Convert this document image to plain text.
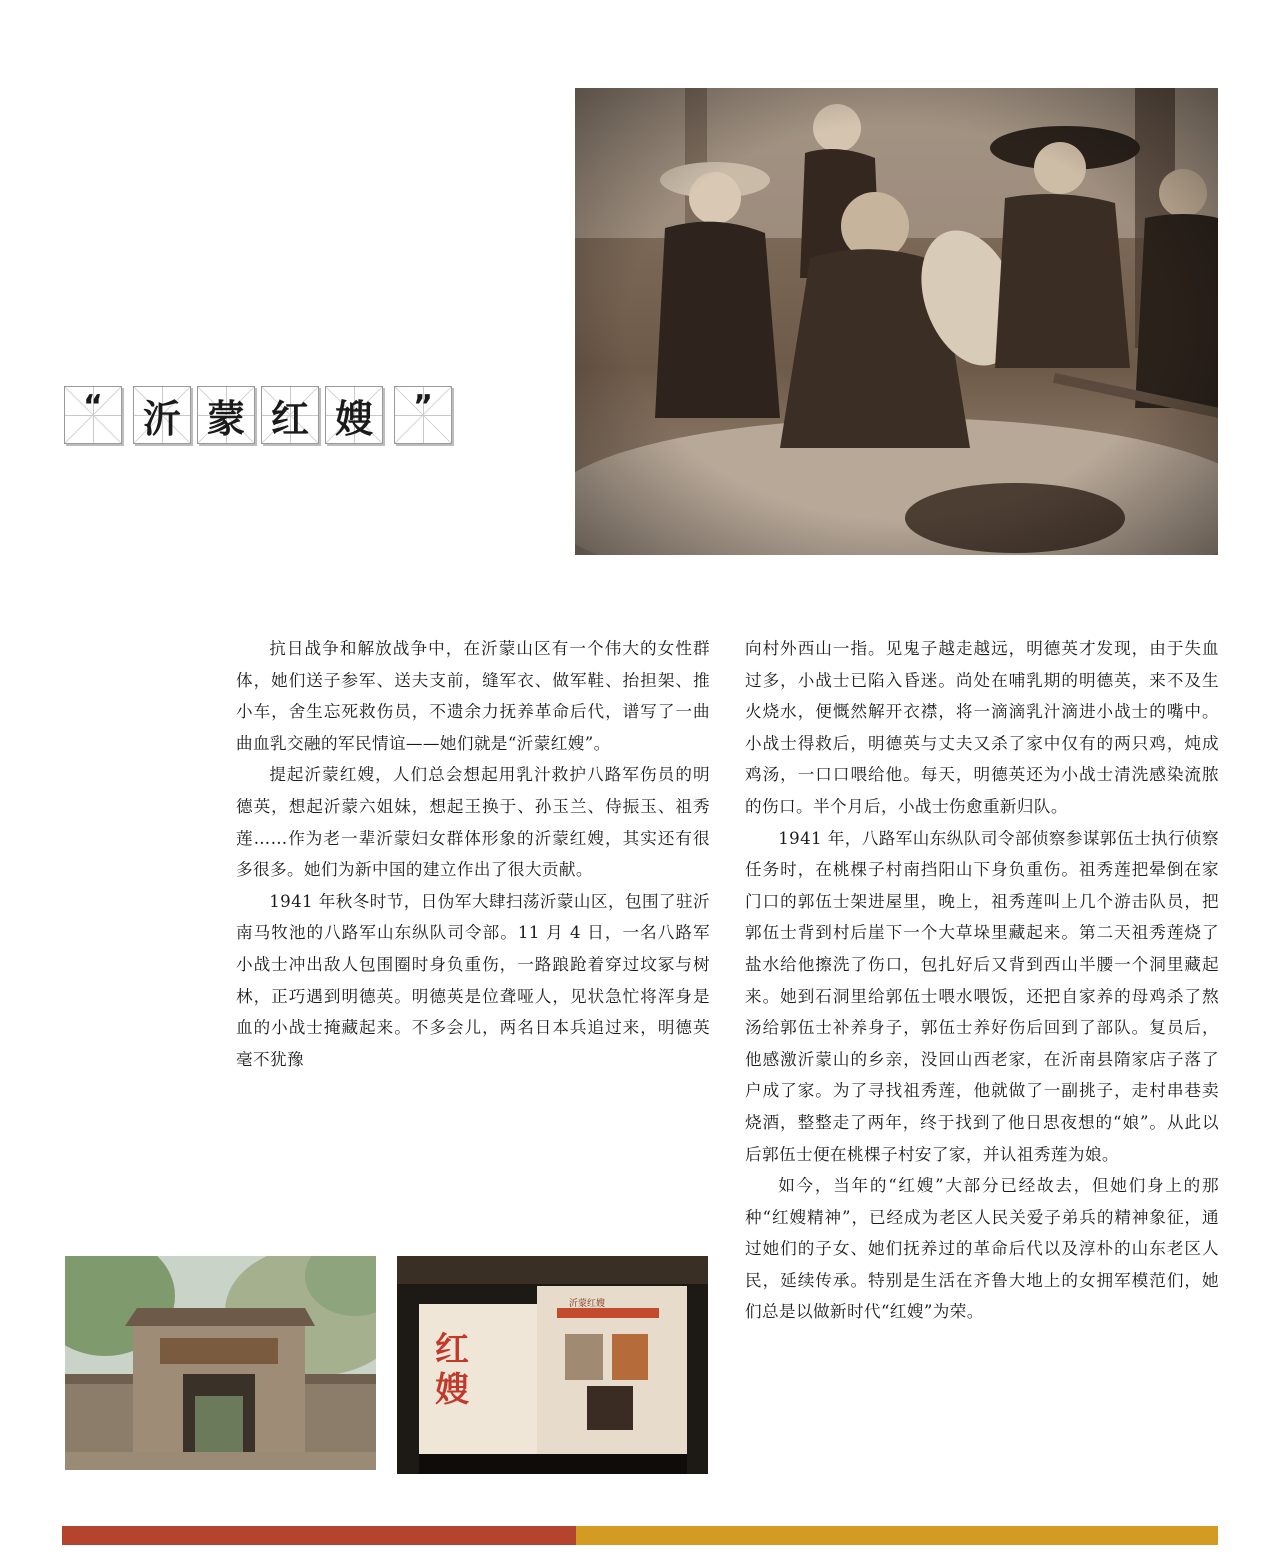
“	沂 蒙 红 嫂	”

抗日战争和解放战争中，在沂蒙山区有一个伟大的女性群体，她们送子参军、送夫支前，缝军衣、做军鞋、抬担架、推小车，舍生忘死救伤员，不遗余力抚养革命后代，谱写了一曲曲血乳交融的军民情谊——她们就是“沂蒙红嫂”。

提起沂蒙红嫂，人们总会想起用乳汁救护八路军伤员的明德英，想起沂蒙六姐妹，想起王换于、孙玉兰、侍振玉、祖秀莲……作为老一辈沂蒙妇女群体形象的沂蒙红嫂，其实还有很多很多。她们为新中国的建立作出了很大贡献。

1941 年秋冬时节，日伪军大肆扫荡沂蒙山区，包围了驻沂南马牧池的八路军山东纵队司令部。11 月 4 日，一名八路军小战士冲出敌人包围圈时身负重伤，一路踉跄着穿过坟冢与树林，正巧遇到明德英。明德英是位聋哑人，见状急忙将浑身是血的小战士掩藏起来。不多会儿，两名日本兵追过来，明德英毫不犹豫

向村外西山一指。见鬼子越走越远，明德英才发现，由于失血过多，小战士已陷入昏迷。尚处在哺乳期的明德英，来不及生火烧水，便慨然解开衣襟，将一滴滴乳汁滴进小战士的嘴中。小战士得救后，明德英与丈夫又杀了家中仅有的两只鸡，炖成鸡汤，一口口喂给他。每天，明德英还为小战士清洗感染流脓的伤口。半个月后，小战士伤愈重新归队。

1941 年，八路军山东纵队司令部侦察参谋郭伍士执行侦察任务时，在桃棵子村南挡阳山下身负重伤。祖秀莲把晕倒在家门口的郭伍士架进屋里，晚上，祖秀莲叫上几个游击队员，把郭伍士背到村后崖下一个大草垛里藏起来。第二天祖秀莲烧了盐水给他擦洗了伤口，包扎好后又背到西山半腰一个洞里藏起来。她到石洞里给郭伍士喂水喂饭，还把自家养的母鸡杀了熬汤给郭伍士补养身子，郭伍士养好伤后回到了部队。复员后，他感激沂蒙山的乡亲，没回山西老家，在沂南县隋家店子落了户成了家。为了寻找祖秀莲，他就做了一副挑子，走村串巷卖烧酒，整整走了两年，终于找到了他日思夜想的“娘”。从此以后郭伍士便在桃棵子村安了家，并认祖秀莲为娘。

如今，当年的“红嫂”大部分已经故去，但她们身上的那种“红嫂精神”，已经成为老区人民关爱子弟兵的精神象征，通过她们的子女、她们抚养过的革命后代以及淳朴的山东老区人民，延续传承。特别是生活在齐鲁大地上的女拥军模范们，她们总是以做新时代“红嫂”为荣。

红嫂
沂蒙红嫂
